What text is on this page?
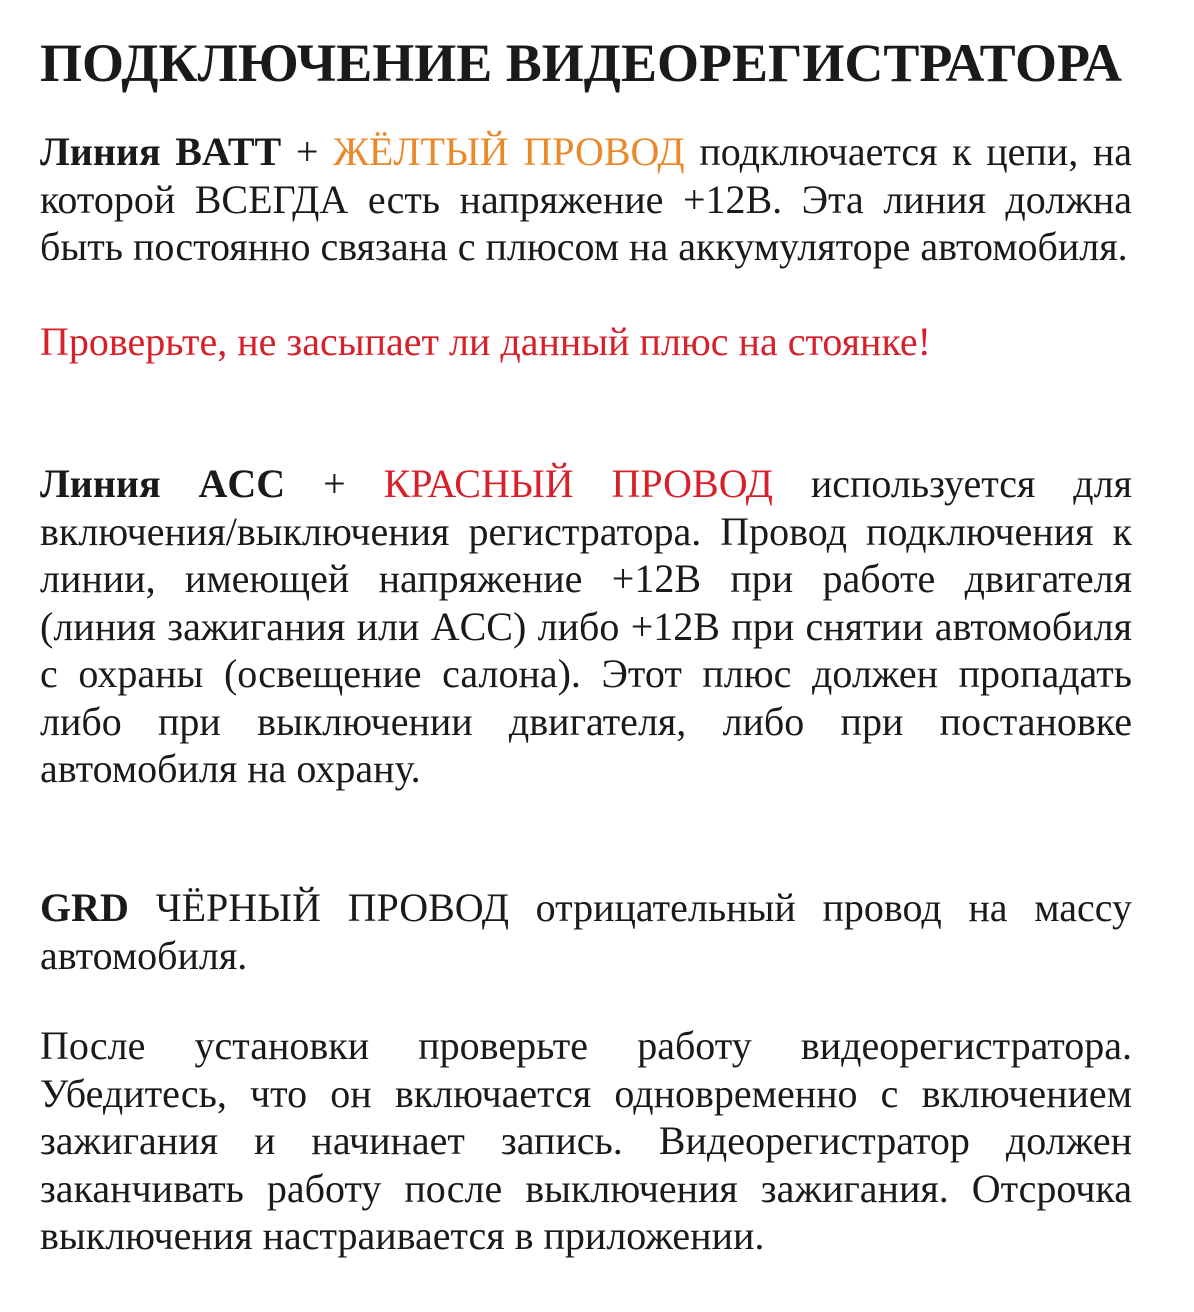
ПОДКЛЮЧЕНИЕ ВИДЕОРЕГИСТРАТОРА

Линия BATT + ЖЁЛТЫЙ ПРОВОД подключается к цепи, на которой ВСЕГДА есть напряжение +12В. Эта линия должна быть постоянно связана с плюсом на аккумуляторе автомобиля.

Проверьте, не засыпает ли данный плюс на стоянке!

Линия ACC + КРАСНЫЙ ПРОВОД используется для включения/выключения регистратора. Провод подключения к линии, имеющей напряжение +12В при работе двигателя (линия зажигания или ACC) либо +12В при снятии автомобиля с охраны (освещение салона). Этот плюс должен пропадать либо при выключении двигателя, либо при постановке автомобиля на охрану.

GRD ЧЁРНЫЙ ПРОВОД отрицательный провод на массу автомобиля.

После установки проверьте работу видеорегистратора. Убедитесь, что он включается одновременно с включением зажигания и начинает запись. Видеорегистратор должен заканчивать работу после выключения зажигания. Отсрочка выключения настраивается в приложении.
